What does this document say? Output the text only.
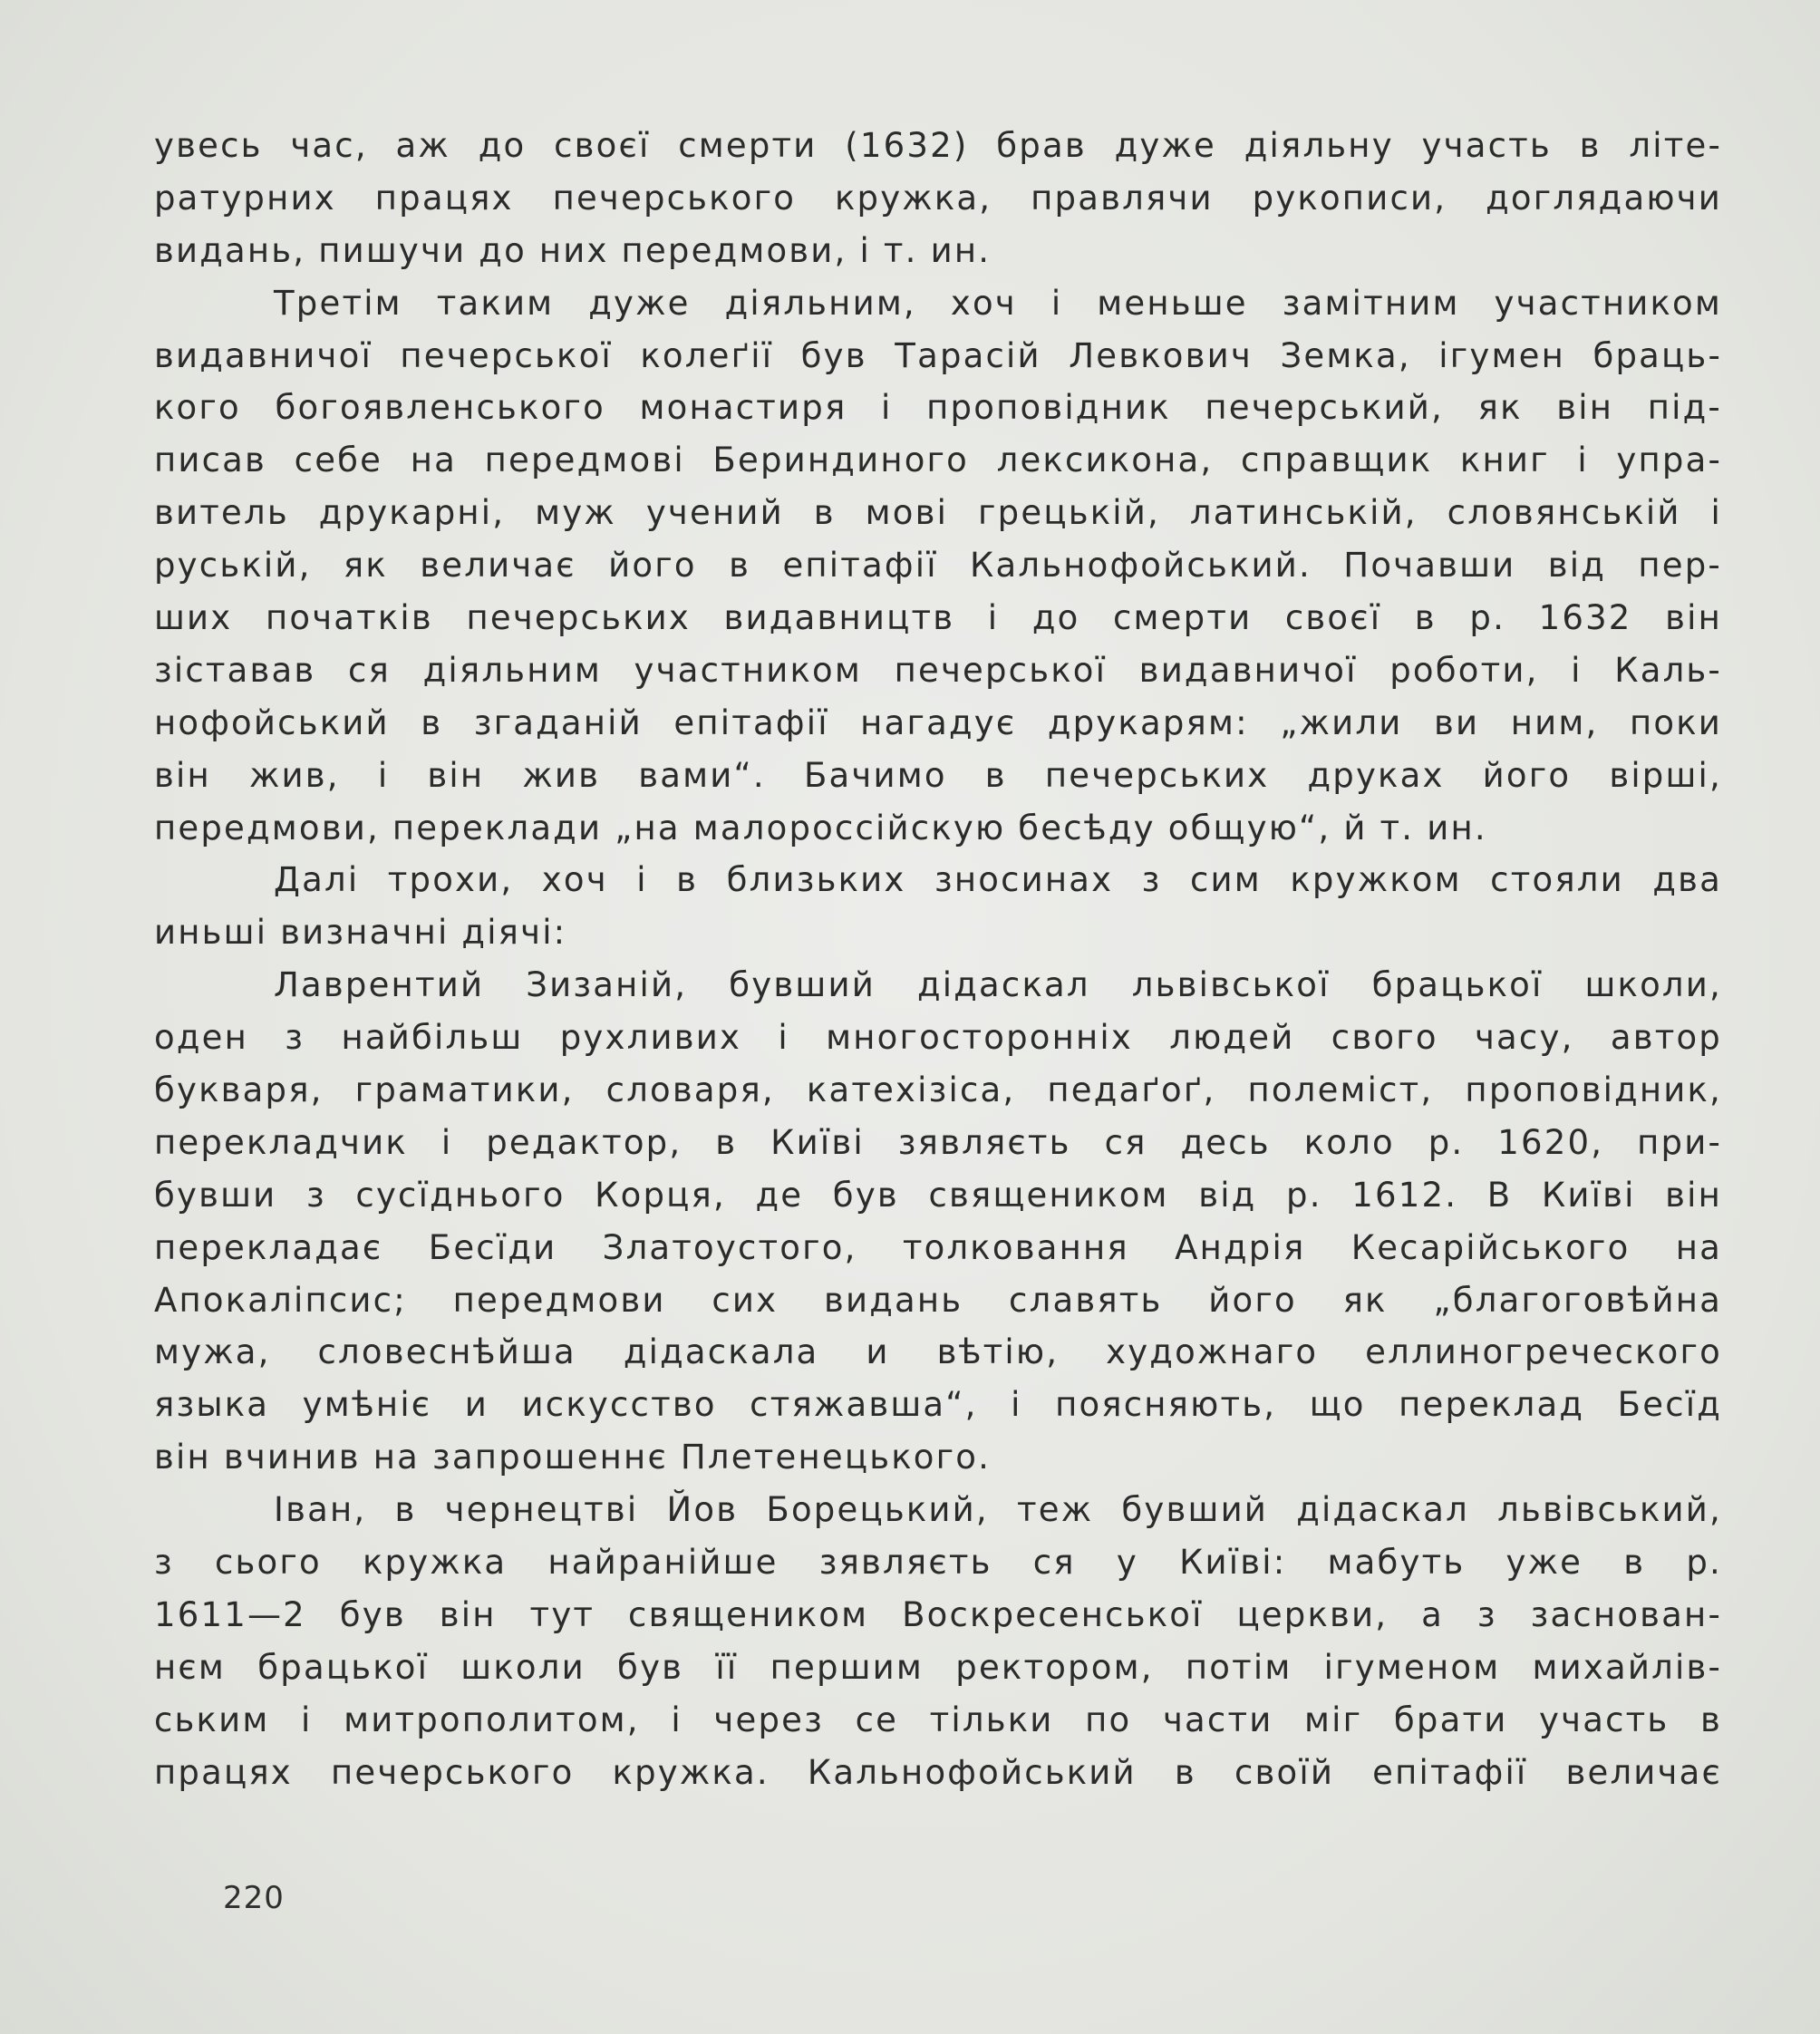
увесь час, аж до своєї смерти (1632) брав дуже діяльну участь в літе-
ратурних працях печерського кружка, правлячи рукописи, доглядаючи
видань, пишучи до них передмови, і т. ин.
Третім таким дуже діяльним, хоч і меньше замітним участником
видавничої печерської колеґії був Тарасій Левкович Земка, ігумен браць-
кого богоявленського монастиря і проповідник печерський, як він під-
писав себе на передмові Бериндиного лексикона, справщик книг і упра-
витель друкарні, муж учений в мові грецькій, латинській, словянській і
руській, як величає його в епітафії Кальнофойський. Почавши від пер-
ших початків печерських видавництв і до смерти своєї в р. 1632 він
зіставав ся діяльним участником печерської видавничої роботи, і Каль-
нофойський в згаданій епітафії нагадує друкарям: „жили ви ним, поки
він жив, і він жив вами“. Бачимо в печерських друках його вірші,
передмови, переклади „на малороссійскую бесѣду общую“, й т. ин.
Далі трохи, хоч і в близьких зносинах з сим кружком стояли два
иньші визначні діячі:
Лаврентий Зизаній, бувший дідаскал львівської брацької школи,
оден з найбільш рухливих і многосторонніх людей свого часу, автор
букваря, граматики, словаря, катехізіса, педаґоґ, полеміст, проповідник,
перекладчик і редактор, в Київі зявляєть ся десь коло р. 1620, при-
бувши з сусїднього Корця, де був священиком від р. 1612. В Київі він
перекладає Бесїди Златоустого, толковання Андрія Кесарійського на
Апокаліпсис; передмови сих видань славять його як „благоговѣйна
мужа, словеснѣйша дідаскала и вѣтію, художнаго еллиногреческого
языка умѣніє и искусство стяжавша“, і поясняють, що переклад Бесїд
він вчинив на запрошеннє Плетенецького.
Іван, в чернецтві Йов Борецький, теж бувший дідаскал львівський,
з сього кружка найранійше зявляєть ся у Київі: мабуть уже в р.
1611—2 був він тут священиком Воскресенської церкви, а з заснован-
нєм брацької школи був її першим ректором, потім ігуменом михайлів-
ським і митрополитом, і через се тільки по части міг брати участь в
працях печерського кружка. Кальнофойський в своїй епітафії величає
220
